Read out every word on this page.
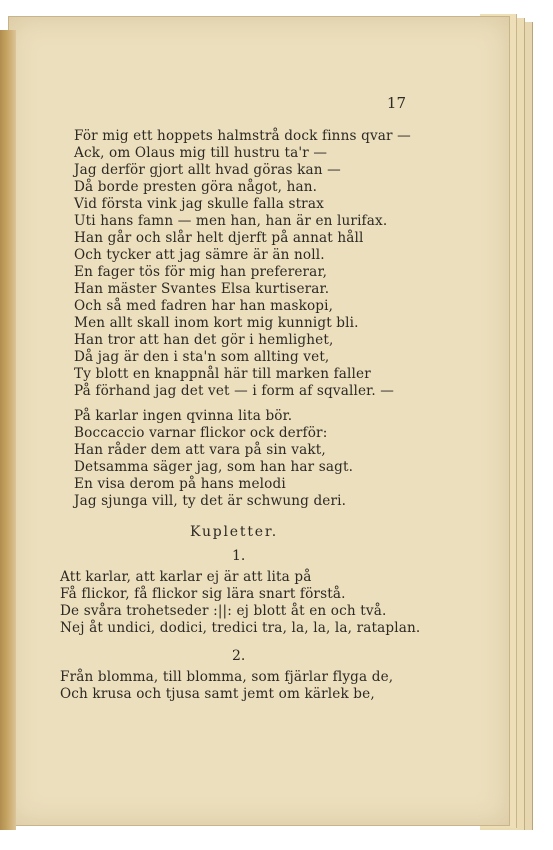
17
För mig ett hoppets halmstrå dock finns qvar —
Ack, om Olaus mig till hustru ta'r —
Jag derför gjort allt hvad göras kan —
Då borde presten göra något, han.
Vid första vink jag skulle falla strax
Uti hans famn — men han, han är en lurifax.
Han går och slår helt djerft på annat håll
Och tycker att jag sämre är än noll.
En fager tös för mig han prefererar,
Han mäster Svantes Elsa kurtiserar.
Och så med fadren har han maskopi,
Men allt skall inom kort mig kunnigt bli.
Han tror att han det gör i hemlighet,
Då jag är den i sta'n som allting vet,
Ty blott en knappnål här till marken faller
På förhand jag det vet — i form af sqvaller. —
På karlar ingen qvinna lita bör.
Boccaccio varnar flickor ock derför:
Han råder dem att vara på sin vakt,
Detsamma säger jag, som han har sagt.
En visa derom på hans melodi
Jag sjunga vill, ty det är schwung deri.
Kupletter.
1.
Att karlar, att karlar ej är att lita på
Få flickor, få flickor sig lära snart förstå.
De svåra trohetseder :||: ej blott åt en och två.
Nej åt undici, dodici, tredici tra, la, la, la, rataplan.
2.
Från blomma, till blomma, som fjärlar flyga de,
Och krusa och tjusa samt jemt om kärlek be,
